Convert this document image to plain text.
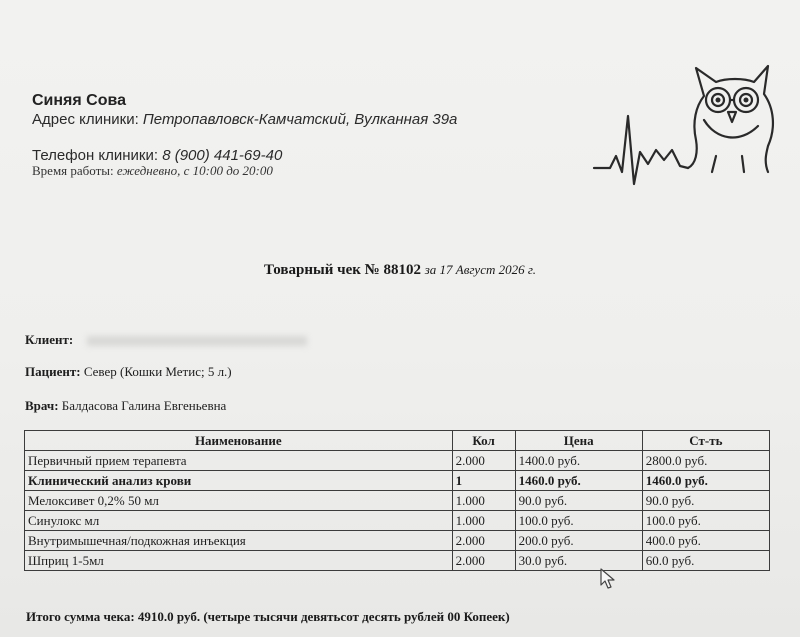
Синяя Сова
Адрес клиники: Петропавловск-Камчатский, Вулканная 39а
Телефон клиники: 8 (900) 441-69-40
Время работы: ежедневно, с 10:00 до 20:00
Товарный чек № 88102 за 17 Август 2026 г.
Клиент:
Пациент: Север (Кошки Метис; 5 л.)
Врач: Балдасова Галина Евгеньевна
Наименование	Кол	Цена	Ст-ть
Первичный прием терапевта	2.000	1400.0 руб.	2800.0 руб.
Клинический анализ крови	1	1460.0 руб.	1460.0 руб.
Мелоксивет 0,2% 50 мл	1.000	90.0 руб.	90.0 руб.
Синулокс мл	1.000	100.0 руб.	100.0 руб.
Внутримышечная/подкожная инъекция	2.000	200.0 руб.	400.0 руб.
Шприц 1-5мл	2.000	30.0 руб.	60.0 руб.
Итого сумма чека: 4910.0 руб. (четыре тысячи девятьсот десять рублей 00 Копеек)
